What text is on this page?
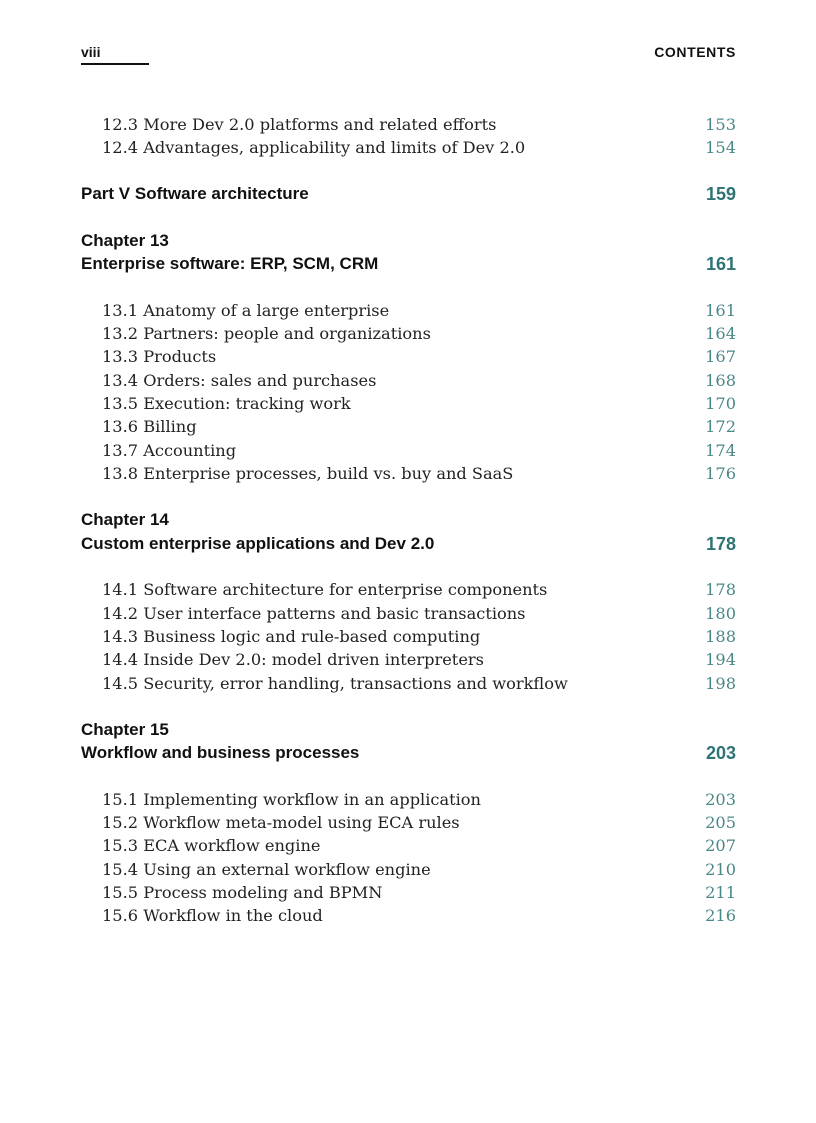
viii	CONTENTS
12.3 More Dev 2.0 platforms and related efforts	153
12.4 Advantages, applicability and limits of Dev 2.0	154
Part V Software architecture	159
Chapter 13
Enterprise software: ERP, SCM, CRM	161
13.1 Anatomy of a large enterprise	161
13.2 Partners: people and organizations	164
13.3 Products	167
13.4 Orders: sales and purchases	168
13.5 Execution: tracking work	170
13.6 Billing	172
13.7 Accounting	174
13.8 Enterprise processes, build vs. buy and SaaS	176
Chapter 14
Custom enterprise applications and Dev 2.0	178
14.1 Software architecture for enterprise components	178
14.2 User interface patterns and basic transactions	180
14.3 Business logic and rule-based computing	188
14.4 Inside Dev 2.0: model driven interpreters	194
14.5 Security, error handling, transactions and workflow	198
Chapter 15
Workflow and business processes	203
15.1 Implementing workflow in an application	203
15.2 Workflow meta-model using ECA rules	205
15.3 ECA workflow engine	207
15.4 Using an external workflow engine	210
15.5 Process modeling and BPMN	211
15.6 Workflow in the cloud	216
